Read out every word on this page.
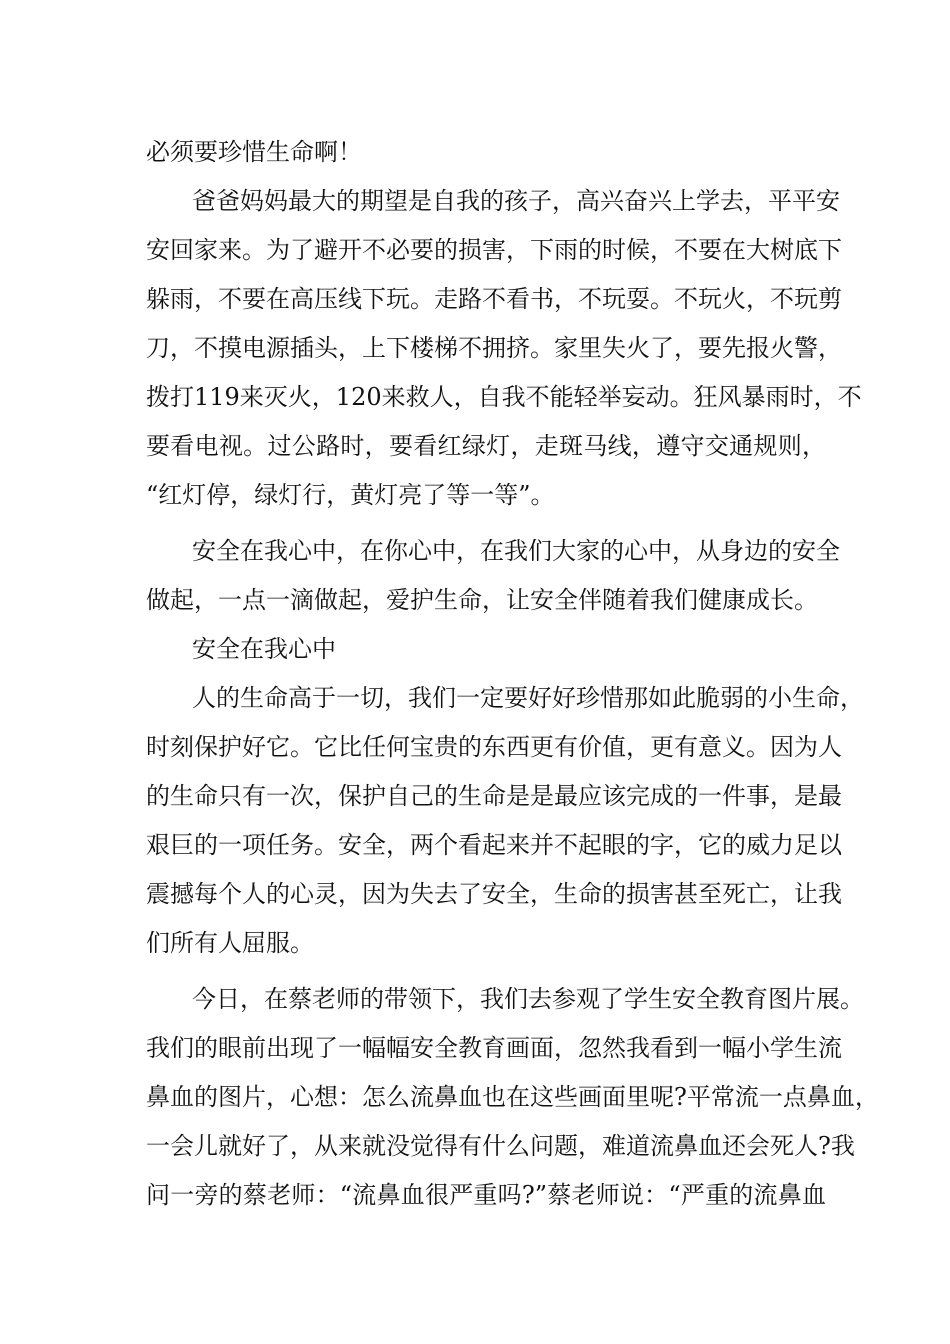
必须要珍惜生命啊！
爸爸妈妈最大的期望是自我的孩子，高兴奋兴上学去，平平安
安回家来。为了避开不必要的损害，下雨的时候，不要在大树底下
躲雨，不要在高压线下玩。走路不看书，不玩耍。不玩火，不玩剪
刀，不摸电源插头，上下楼梯不拥挤。家里失火了，要先报火警，
拨打119来灭火，120来救人，自我不能轻举妄动。狂风暴雨时，不
要看电视。过公路时，要看红绿灯，走斑马线，遵守交通规则，
“红灯停，绿灯行，黄灯亮了等一等”。
安全在我心中，在你心中，在我们大家的心中，从身边的安全
做起，一点一滴做起，爱护生命，让安全伴随着我们健康成长。
安全在我心中
人的生命高于一切，我们一定要好好珍惜那如此脆弱的小生命，
时刻保护好它。它比任何宝贵的东西更有价值，更有意义。因为人
的生命只有一次，保护自己的生命是是最应该完成的一件事，是最
艰巨的一项任务。安全，两个看起来并不起眼的字，它的威力足以
震撼每个人的心灵，因为失去了安全，生命的损害甚至死亡，让我
们所有人屈服。
今日，在蔡老师的带领下，我们去参观了学生安全教育图片展。
我们的眼前出现了一幅幅安全教育画面，忽然我看到一幅小学生流
鼻血的图片，心想：怎么流鼻血也在这些画面里呢?平常流一点鼻血，
一会儿就好了，从来就没觉得有什么问题，难道流鼻血还会死人?我
问一旁的蔡老师：“流鼻血很严重吗?”蔡老师说：“严重的流鼻血
